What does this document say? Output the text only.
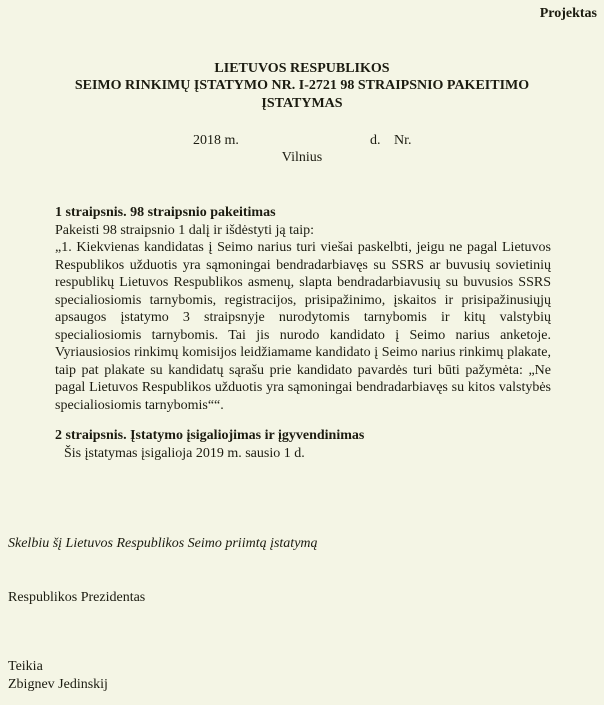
Projektas
LIETUVOS RESPUBLIKOS
SEIMO RINKIMŲ ĮSTATYMO NR. I-2721 98 STRAIPSNIO PAKEITIMO
ĮSTATYMAS
2018 m.	d. Nr.
Vilnius
1 straipsnis. 98 straipsnio pakeitimas
Pakeisti 98 straipsnio 1 dalį ir išdėstyti ją taip:
„1. Kiekvienas kandidatas į Seimo narius turi viešai paskelbti, jeigu ne pagal Lietuvos Respublikos užduotis yra sąmoningai bendradarbiavęs su SSRS ar buvusių sovietinių respublikų Lietuvos Respublikos asmenų, slapta bendradarbiavusių su buvusios SSRS specialiosiomis tarnybomis, registracijos, prisipažinimo, įskaitos ir prisipažinusiųjų apsaugos įstatymo 3 straipsnyje nurodytomis tarnybomis ir kitų valstybių specialiosiomis tarnybomis. Tai jis nurodo kandidato į Seimo narius anketoje. Vyriausiosios rinkimų komisijos leidžiamame kandidato į Seimo narius rinkimų plakate, taip pat plakate su kandidatų sąrašu prie kandidato pavardės turi būti pažymėta: „Ne pagal Lietuvos Respublikos užduotis yra sąmoningai bendradarbiavęs su kitos valstybės specialiosiomis tarnybomis““.
2 straipsnis. Įstatymo įsigaliojimas ir įgyvendinimas
Šis įstatymas įsigalioja 2019 m. sausio 1 d.
Skelbiu šį Lietuvos Respublikos Seimo priimtą įstatymą
Respublikos Prezidentas
Teikia
Zbignev Jedinskij
